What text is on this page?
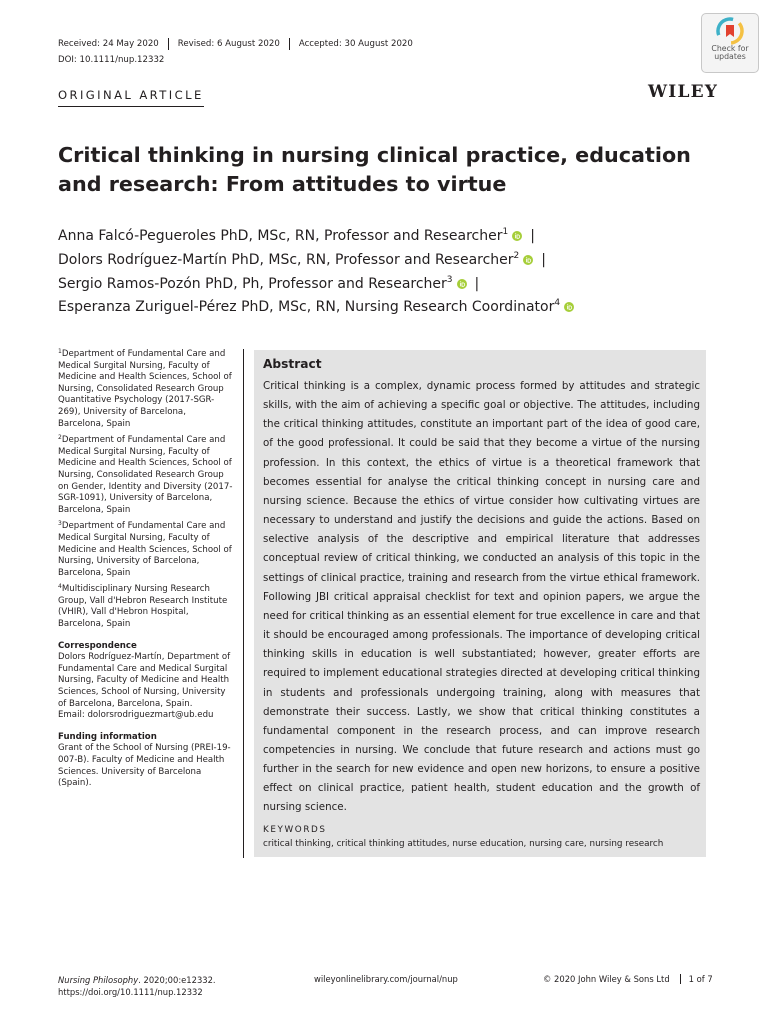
Received: 24 May 2020	Revised: 6 August 2020	Accepted: 30 August 2020
DOI: 10.1111/nup.12332
ORIGINAL ARTICLE	WILEY
Check for
updates
Critical thinking in nursing clinical practice, education and research: From attitudes to virtue
Anna Falcó-Pegueroles PhD, MSc, RN, Professor and Researcher$^1$ |
Dolors Rodríguez-Martín PhD, MSc, RN, Professor and Researcher$^2$ |
Sergio Ramos-Pozón PhD, Ph, Professor and Researcher$^3$ |
Esperanza Zuriguel-Pérez PhD, MSc, RN, Nursing Research Coordinator$^4$
$^1$Department of Fundamental Care and Medical Surgital Nursing, Faculty of Medicine and Health Sciences, School of Nursing, Consolidated Research Group Quantitative Psychology (2017-SGR-269), University of Barcelona, Barcelona, Spain
$^2$Department of Fundamental Care and Medical Surgital Nursing, Faculty of Medicine and Health Sciences, School of Nursing, Consolidated Research Group on Gender, Identity and Diversity (2017-SGR-1091), University of Barcelona, Barcelona, Spain
$^3$Department of Fundamental Care and Medical Surgital Nursing, Faculty of Medicine and Health Sciences, School of Nursing, University of Barcelona, Barcelona, Spain
$^4$Multidisciplinary Nursing Research Group, Vall d'Hebron Research Institute (VHIR), Vall d'Hebron Hospital, Barcelona, Spain
Correspondence
Dolors Rodríguez-Martín, Department of Fundamental Care and Medical Surgital Nursing, Faculty of Medicine and Health Sciences, School of Nursing, University of Barcelona, Barcelona, Spain.
Email: dolorsrodriguezmart@ub.edu
Funding information
Grant of the School of Nursing (PREI-19-007-B). Faculty of Medicine and Health Sciences. University of Barcelona (Spain).
Abstract
Critical thinking is a complex, dynamic process formed by attitudes and strategic skills, with the aim of achieving a specific goal or objective. The attitudes, including the critical thinking attitudes, constitute an important part of the idea of good care, of the good professional. It could be said that they become a virtue of the nursing profession. In this context, the ethics of virtue is a theoretical framework that becomes essential for analyse the critical thinking concept in nursing care and nursing science. Because the ethics of virtue consider how cultivating virtues are necessary to understand and justify the decisions and guide the actions. Based on selective analysis of the descriptive and empirical literature that addresses conceptual review of critical thinking, we conducted an analysis of this topic in the settings of clinical practice, training and research from the virtue ethical framework. Following JBI critical appraisal checklist for text and opinion papers, we argue the need for critical thinking as an essential element for true excellence in care and that it should be encouraged among professionals. The importance of developing critical thinking skills in education is well substantiated; however, greater efforts are required to implement educational strategies directed at developing critical thinking in students and professionals undergoing training, along with measures that demonstrate their success. Lastly, we show that critical thinking constitutes a fundamental component in the research process, and can improve research competencies in nursing. We conclude that future research and actions must go further in the search for new evidence and open new horizons, to ensure a positive effect on clinical practice, patient health, student education and the growth of nursing science.
KEYWORDS
critical thinking, critical thinking attitudes, nurse education, nursing care, nursing research
Nursing Philosophy. 2020;00:e12332.
https://doi.org/10.1111/nup.12332
wileyonlinelibrary.com/journal/nup	© 2020 John Wiley & Sons Ltd	1 of 7
